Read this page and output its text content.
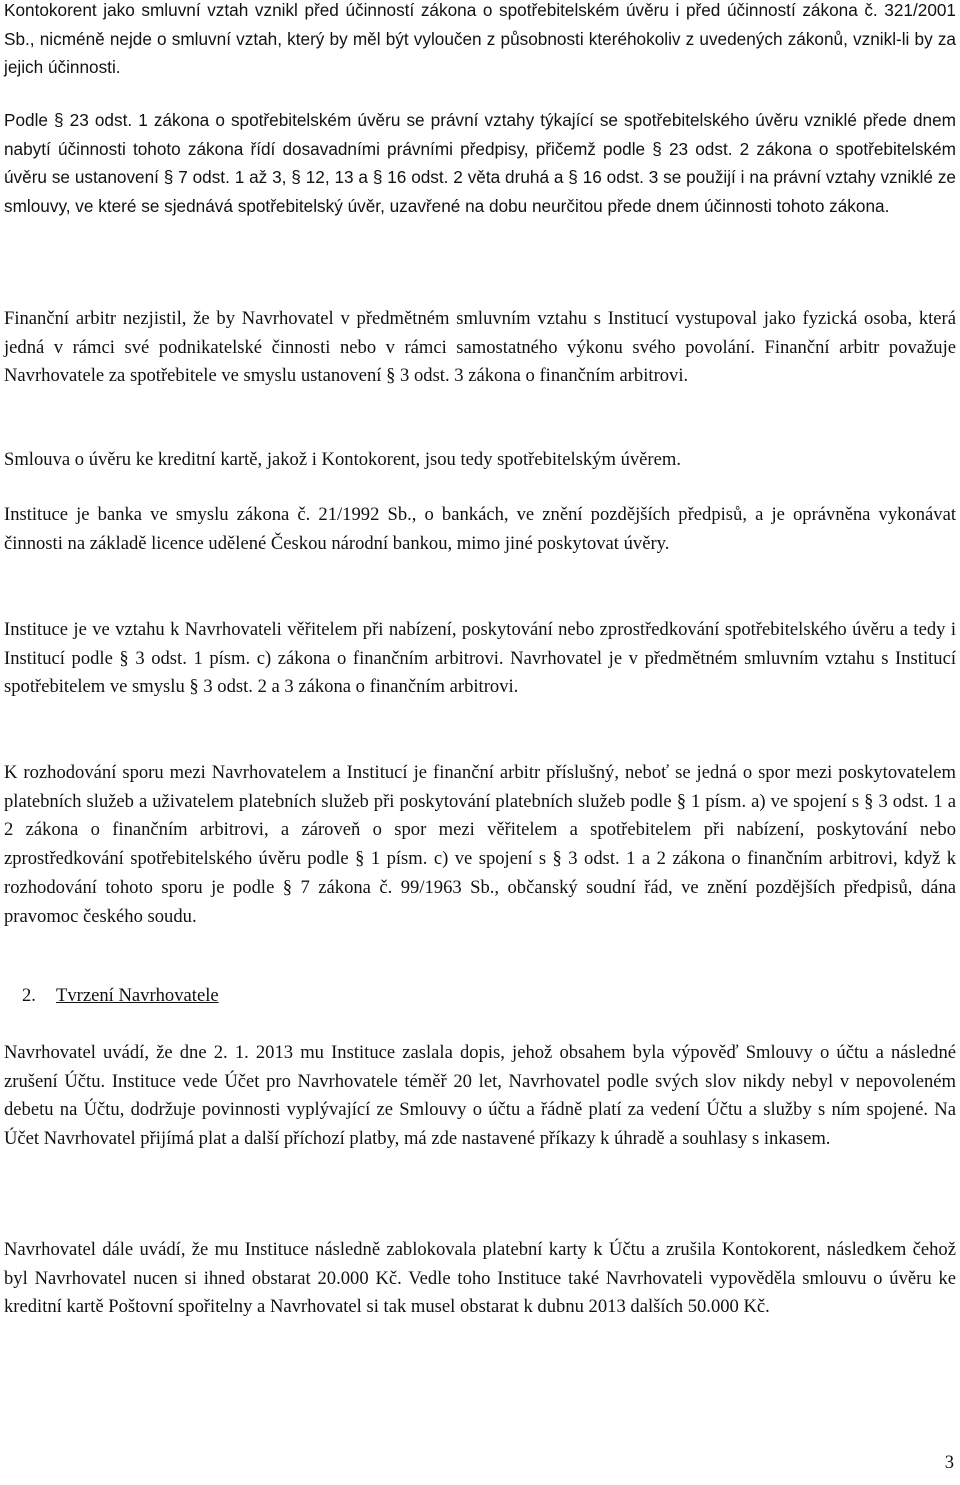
Kontokorent jako smluvní vztah vznikl před účinností zákona o spotřebitelském úvěru i před účinností zákona č. 321/2001 Sb., nicméně nejde o smluvní vztah, který by měl být vyloučen z působnosti kteréhokoliv z uvedených zákonů, vznikl-li by za jejich účinnosti.

Podle § 23 odst. 1 zákona o spotřebitelském úvěru se právní vztahy týkající se spotřebitelského úvěru vzniklé přede dnem nabytí účinnosti tohoto zákona řídí dosavadními právními předpisy, přičemž podle § 23 odst. 2 zákona o spotřebitelském úvěru se ustanovení § 7 odst. 1 až 3, § 12, 13 a § 16 odst. 2 věta druhá a § 16 odst. 3 se použijí i na právní vztahy vzniklé ze smlouvy, ve které se sjednává spotřebitelský úvěr, uzavřené na dobu neurčitou přede dnem účinnosti tohoto zákona.

Finanční arbitr nezjistil, že by Navrhovatel v předmětném smluvním vztahu s Institucí vystupoval jako fyzická osoba, která jedná v rámci své podnikatelské činnosti nebo v rámci samostatného výkonu svého povolání. Finanční arbitr považuje Navrhovatele za spotřebitele ve smyslu ustanovení § 3 odst. 3 zákona o finančním arbitrovi.

Smlouva o úvěru ke kreditní kartě, jakož i Kontokorent, jsou tedy spotřebitelským úvěrem.

Instituce je banka ve smyslu zákona č. 21/1992 Sb., o bankách, ve znění pozdějších předpisů, a je oprávněna vykonávat činnosti na základě licence udělené Českou národní bankou, mimo jiné poskytovat úvěry.

Instituce je ve vztahu k Navrhovateli věřitelem při nabízení, poskytování nebo zprostředkování spotřebitelského úvěru a tedy i Institucí podle § 3 odst. 1 písm. c) zákona o finančním arbitrovi. Navrhovatel je v předmětném smluvním vztahu s Institucí spotřebitelem ve smyslu § 3 odst. 2 a 3 zákona o finančním arbitrovi.

K rozhodování sporu mezi Navrhovatelem a Institucí je finanční arbitr příslušný, neboť se jedná o spor mezi poskytovatelem platebních služeb a uživatelem platebních služeb při poskytování platebních služeb podle § 1 písm. a) ve spojení s § 3 odst. 1 a 2 zákona o finančním arbitrovi, a zároveň o spor mezi věřitelem a spotřebitelem při nabízení, poskytování nebo zprostředkování spotřebitelského úvěru podle § 1 písm. c) ve spojení s § 3 odst. 1 a 2 zákona o finančním arbitrovi, když k rozhodování tohoto sporu je podle § 7 zákona č. 99/1963 Sb., občanský soudní řád, ve znění pozdějších předpisů, dána pravomoc českého soudu.

2. Tvrzení Navrhovatele

Navrhovatel uvádí, že dne 2. 1. 2013 mu Instituce zaslala dopis, jehož obsahem byla výpověď Smlouvy o účtu a následné zrušení Účtu. Instituce vede Účet pro Navrhovatele téměř 20 let, Navrhovatel podle svých slov nikdy nebyl v nepovoleném debetu na Účtu, dodržuje povinnosti vyplývající ze Smlouvy o účtu a řádně platí za vedení Účtu a služby s ním spojené. Na Účet Navrhovatel přijímá plat a další příchozí platby, má zde nastavené příkazy k úhradě a souhlasy s inkasem.

Navrhovatel dále uvádí, že mu Instituce následně zablokovala platební karty k Účtu a zrušila Kontokorent, následkem čehož byl Navrhovatel nucen si ihned obstarat 20.000 Kč. Vedle toho Instituce také Navrhovateli vypověděla smlouvu o úvěru ke kreditní kartě Poštovní spořitelny a Navrhovatel si tak musel obstarat k dubnu 2013 dalších 50.000 Kč.

3
